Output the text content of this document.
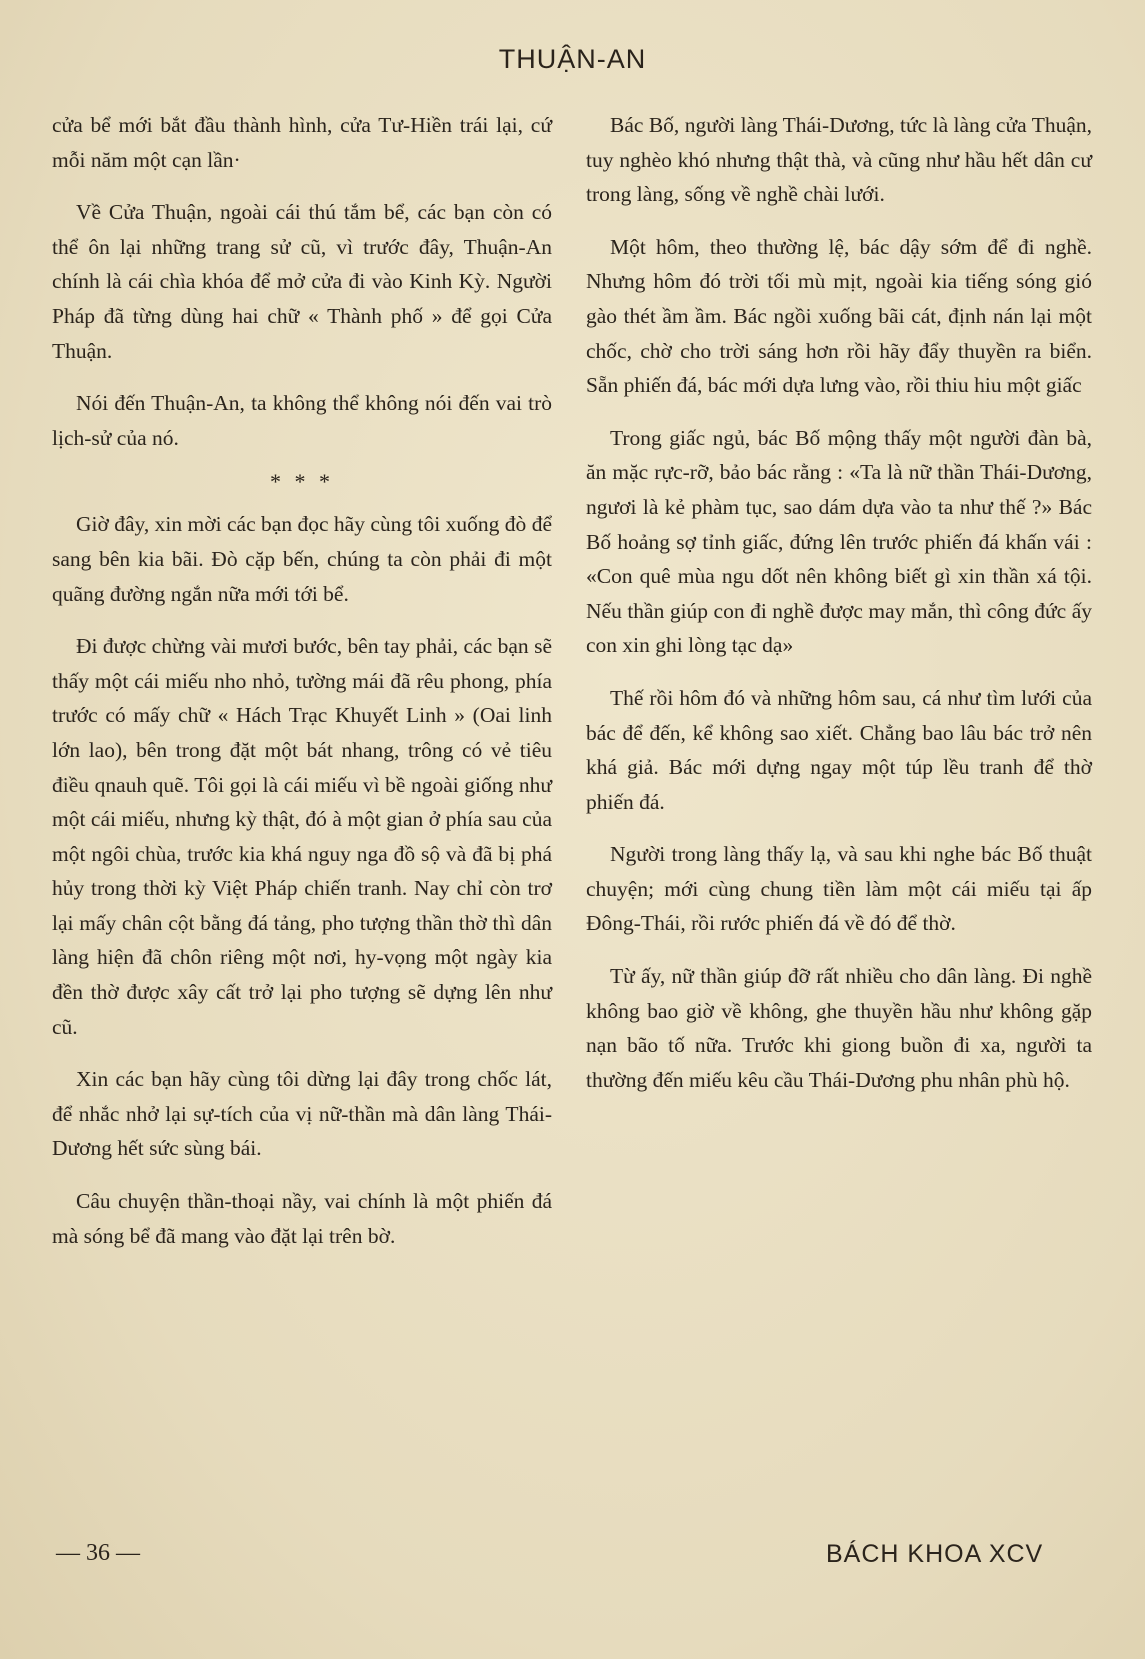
THUẬN-AN

cửa bể mới bắt đầu thành hình, cửa Tư-Hiền trái lại, cứ mỗi năm một cạn lần·

Về Cửa Thuận, ngoài cái thú tắm bể, các bạn còn có thể ôn lại những trang sử cũ, vì trước đây, Thuận-An chính là cái chìa khóa để mở cửa đi vào Kinh Kỳ. Người Pháp đã từng dùng hai chữ « Thành phố » để gọi Cửa Thuận.

Nói đến Thuận-An, ta không thể không nói đến vai trò lịch-sử của nó.

* * *

Giờ đây, xin mời các bạn đọc hãy cùng tôi xuống đò để sang bên kia bãi. Đò cặp bến, chúng ta còn phải đi một quãng đường ngắn nữa mới tới bể.

Đi được chừng vài mươi bước, bên tay phải, các bạn sẽ thấy một cái miếu nho nhỏ, tường mái đã rêu phong, phía trước có mấy chữ « Hách Trạc Khuyết Linh » (Oai linh lớn lao), bên trong đặt một bát nhang, trông có vẻ tiêu điều qnauh quẽ. Tôi gọi là cái miếu vì bề ngoài giống như một cái miếu, nhưng kỳ thật, đó à một gian ở phía sau của một ngôi chùa, trước kia khá nguy nga đồ sộ và đã bị phá hủy trong thời kỳ Việt Pháp chiến tranh. Nay chỉ còn trơ lại mấy chân cột bằng đá tảng, pho tượng thần thờ thì dân làng hiện đã chôn riêng một nơi, hy-vọng một ngày kia đền thờ được xây cất trở lại pho tượng sẽ dựng lên như cũ.

Xin các bạn hãy cùng tôi dừng lại đây trong chốc lát, để nhắc nhở lại sự-tích của vị nữ-thần mà dân làng Thái-Dương hết sức sùng bái.

Câu chuyện thần-thoại nầy, vai chính là một phiến đá mà sóng bể đã mang vào đặt lại trên bờ.

Bác Bố, người làng Thái-Dương, tức là làng cửa Thuận, tuy nghèo khó nhưng thật thà, và cũng như hầu hết dân cư trong làng, sống về nghề chài lưới.

Một hôm, theo thường lệ, bác dậy sớm để đi nghề. Nhưng hôm đó trời tối mù mịt, ngoài kia tiếng sóng gió gào thét ầm ầm. Bác ngồi xuống bãi cát, định nán lại một chốc, chờ cho trời sáng hơn rồi hãy đẩy thuyền ra biển. Sẵn phiến đá, bác mới dựa lưng vào, rồi thiu hiu một giấc

Trong giấc ngủ, bác Bố mộng thấy một người đàn bà, ăn mặc rực-rỡ, bảo bác rằng : «Ta là nữ thần Thái-Dương, ngươi là kẻ phàm tục, sao dám dựa vào ta như thế ?» Bác Bố hoảng sợ tỉnh giấc, đứng lên trước phiến đá khấn vái : «Con quê mùa ngu dốt nên không biết gì xin thần xá tội. Nếu thần giúp con đi nghề được may mắn, thì công đức ấy con xin ghi lòng tạc dạ»

Thế rồi hôm đó và những hôm sau, cá như tìm lưới của bác để đến, kể không sao xiết. Chẳng bao lâu bác trở nên khá giả. Bác mới dựng ngay một túp lều tranh để thờ phiến đá.

Người trong làng thấy lạ, và sau khi nghe bác Bố thuật chuyện; mới cùng chung tiền làm một cái miếu tại ấp Đông-Thái, rồi rước phiến đá về đó để thờ.

Từ ấy, nữ thần giúp đỡ rất nhiều cho dân làng. Đi nghề không bao giờ về không, ghe thuyền hầu như không gặp nạn bão tố nữa. Trước khi giong buồn đi xa, người ta thường đến miếu kêu cầu Thái-Dương phu nhân phù hộ.

— 36 —	BÁCH KHOA XCV
